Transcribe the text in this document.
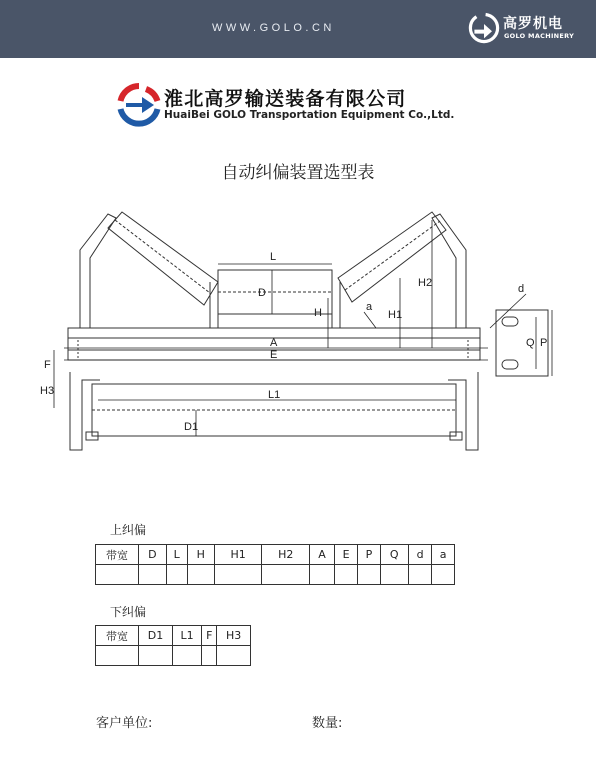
WWW.GOLO.CN	高罗机电
GOLO MACHINERY
淮北高罗输送装备有限公司
HuaiBei GOLO Transportation Equipment Co.,Ltd.
自动纠偏装置选型表
L
D
H	H1
H2
a
A
E
F
H3	L1
D1
d
Q P
上纠偏
带宽	D	L	H	H1	H2	A	E	P	Q	d	a

下纠偏
带宽	D1	L1	F	H3

客户单位:	数量:
